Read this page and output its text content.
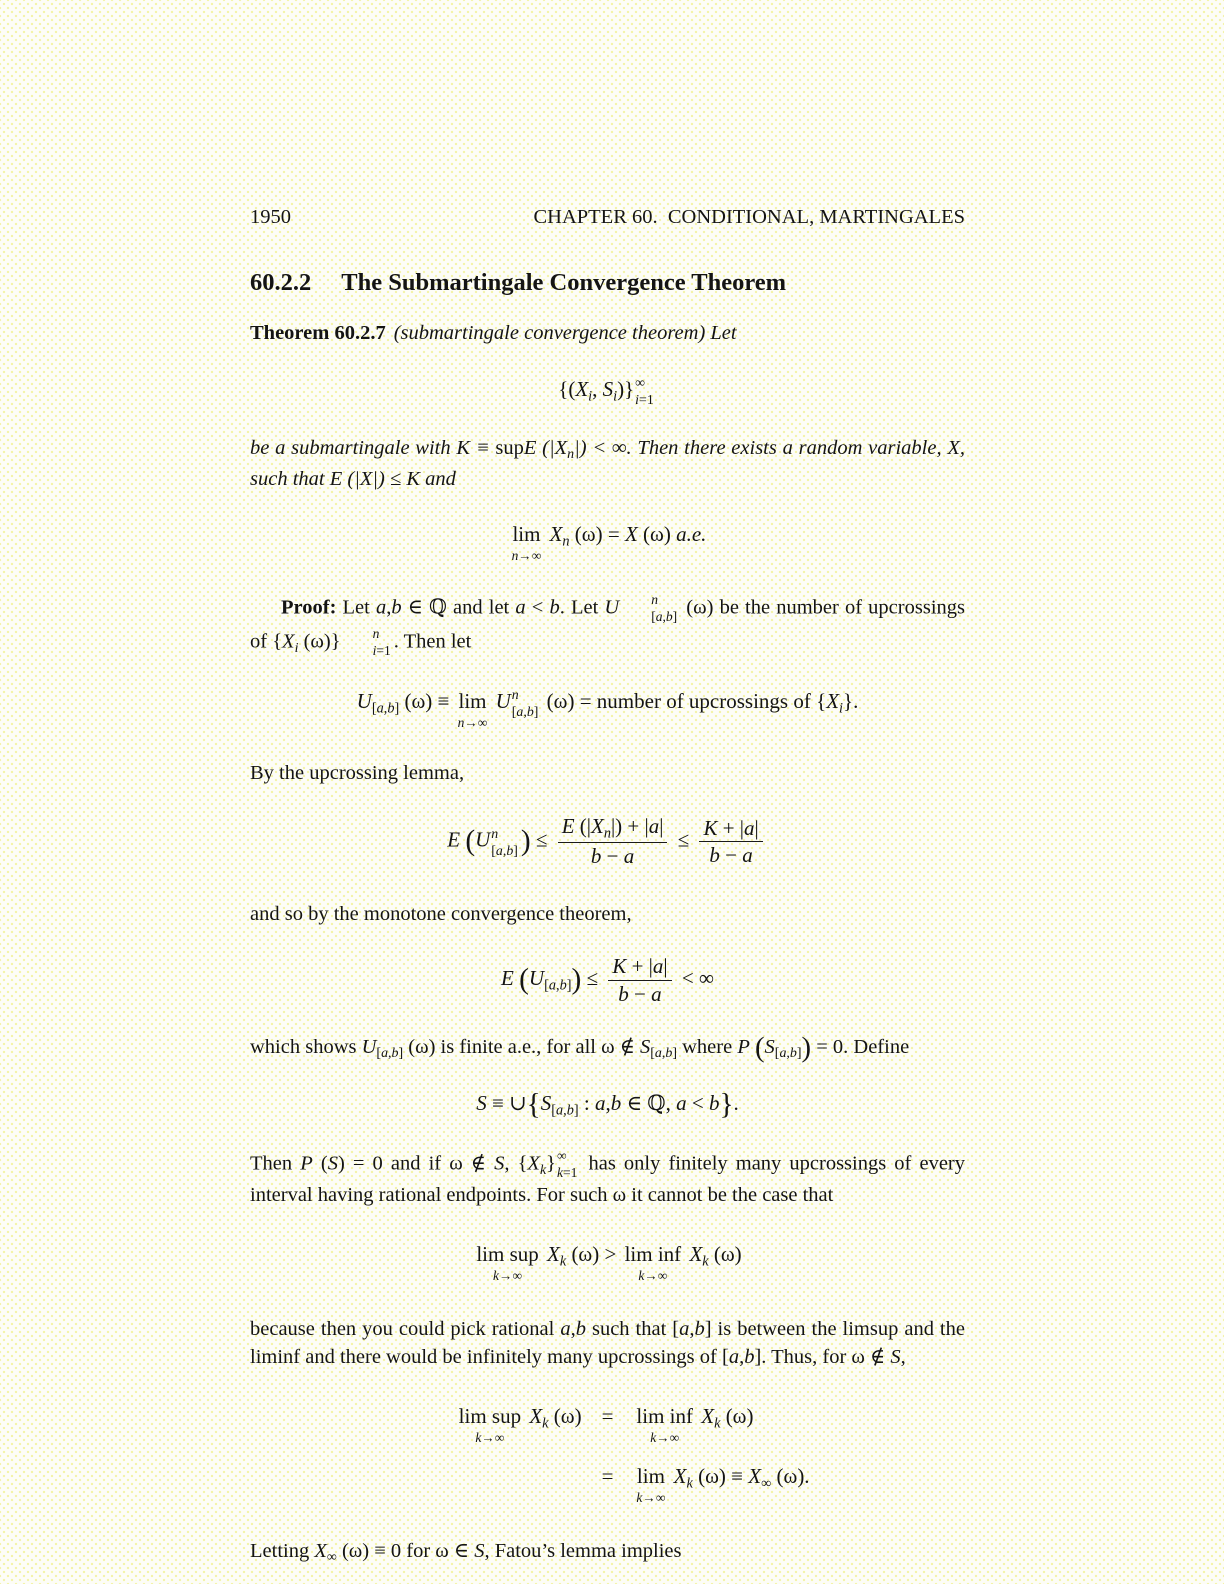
1950	CHAPTER 60.  CONDITIONAL, MARTINGALES
60.2.2 The Submartingale Convergence Theorem

Theorem 60.2.7 (submartingale convergence theorem) Let

{($X_i$, $S_i$)} ∞
i=1

be a submartingale with K ≡ supE $(|X_n|)$ < ∞. Then there exists a random variable, X, such that E (|X|) ≤ K and

lim
n→∞
$X_n$ (ω) = X (ω) a.e.

Proof: Let a,b ∈ ℚ and let a < b. Let U	n
[a,b] (ω) be the number of upcrossings of {$X_i$ (ω)}	n
i=1 . Then let

$U_{[a,b]}$ (ω) ≡ lim
n→∞
U n
[a,b] (ω) = number of upcrossings of $\{X_i\}$.

By the upcrossing lemma,

E (U n
[a,b] ) ≤ $\frac{E (|X_n|) + |a|}{b - a} \le \frac{K + |a|}{b - a}$

and so by the monotone convergence theorem,

E $(U_{[a,b]}) \le \frac{K + |a|}{b - a}$ < ∞

which shows $U_{[a,b]}$ (ω) is finite a.e., for all ω ∉ $S_{[a,b]}$ where P $(S_{[a,b]}) = 0$. Define

$S \equiv \cup\{S_{[a,b]}$ : a,b ∈ ℚ, a < b}.

Then P (S) = 0 and if ω ∉ S, $\{X_k\}$ ∞
k=1 has only finitely many upcrossings of every interval having rational endpoints. For such ω it cannot be the case that

lim sup
k→∞
$X_k$ (ω) > lim inf
k→∞
$X_k$ (ω)

because then you could pick rational a,b such that [a,b] is between the limsup and the liminf and there would be infinitely many upcrossings of [a,b]. Thus, for ω ∉ S,

lim sup
k→∞
$X_k$ (ω) =	lim inf
k→∞
$X_k$ (ω)
=	lim
k→∞
$X_k$ $(\omega) \equiv X_\infty$ (ω).

Letting $X_\infty$ (ω) ≡ 0 for ω ∈ S, Fatou’s lemma implies
